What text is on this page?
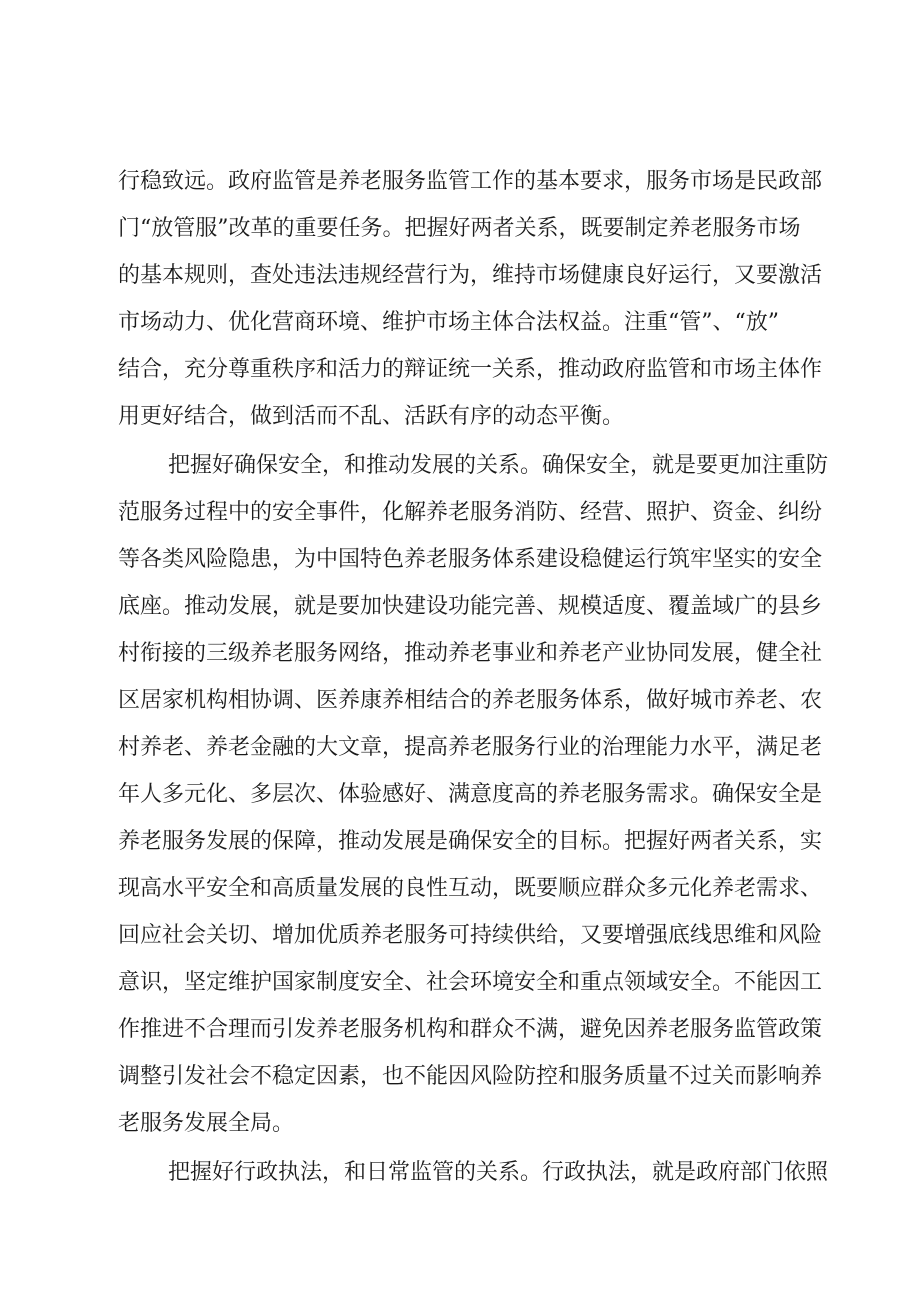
行稳致远。政府监管是养老服务监管工作的基本要求，服务市场是民政部
门“放管服”改革的重要任务。把握好两者关系，既要制定养老服务市场
的基本规则，查处违法违规经营行为，维持市场健康良好运行，又要激活
市场动力、优化营商环境、维护市场主体合法权益。注重“管”、“放”
结合，充分尊重秩序和活力的辩证统一关系，推动政府监管和市场主体作
用更好结合，做到活而不乱、活跃有序的动态平衡。
把握好确保安全，和推动发展的关系。确保安全，就是要更加注重防
范服务过程中的安全事件，化解养老服务消防、经营、照护、资金、纠纷
等各类风险隐患，为中国特色养老服务体系建设稳健运行筑牢坚实的安全
底座。推动发展，就是要加快建设功能完善、规模适度、覆盖域广的县乡
村衔接的三级养老服务网络，推动养老事业和养老产业协同发展，健全社
区居家机构相协调、医养康养相结合的养老服务体系，做好城市养老、农
村养老、养老金融的大文章，提高养老服务行业的治理能力水平，满足老
年人多元化、多层次、体验感好、满意度高的养老服务需求。确保安全是
养老服务发展的保障，推动发展是确保安全的目标。把握好两者关系，实
现高水平安全和高质量发展的良性互动，既要顺应群众多元化养老需求、
回应社会关切、增加优质养老服务可持续供给，又要增强底线思维和风险
意识，坚定维护国家制度安全、社会环境安全和重点领域安全。不能因工
作推进不合理而引发养老服务机构和群众不满，避免因养老服务监管政策
调整引发社会不稳定因素，也不能因风险防控和服务质量不过关而影响养
老服务发展全局。
把握好行政执法，和日常监管的关系。行政执法，就是政府部门依照
